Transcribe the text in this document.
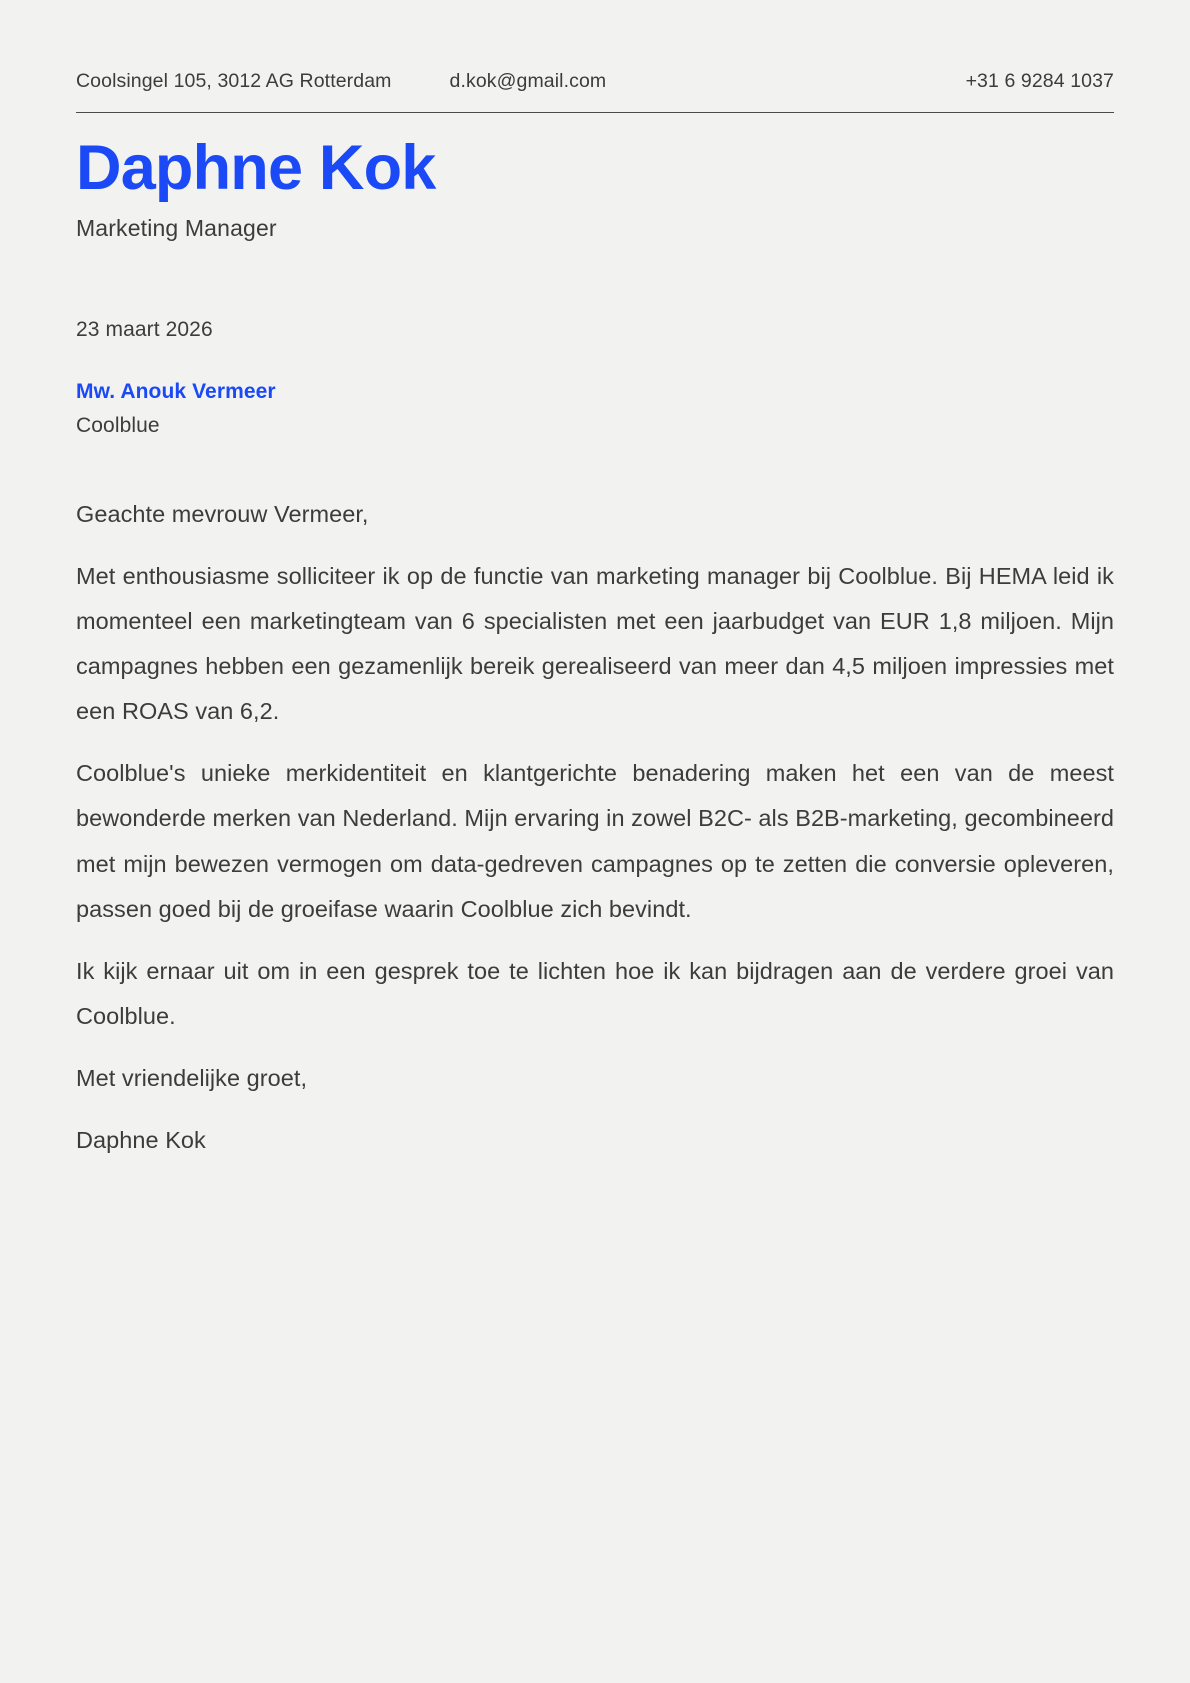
Coolsingel 105, 3012 AG Rotterdam	d.kok@gmail.com	+31 6 9284 1037
Daphne Kok

Marketing Manager

23 maart 2026

Mw. Anouk Vermeer

Coolblue

Geachte mevrouw Vermeer,

Met enthousiasme solliciteer ik op de functie van marketing manager bij Coolblue. Bij HEMA leid ik momenteel een marketingteam van 6 specialisten met een jaarbudget van EUR 1,8 miljoen. Mijn campagnes hebben een gezamenlijk bereik gerealiseerd van meer dan 4,5 miljoen impressies met een ROAS van 6,2.

Coolblue's unieke merkidentiteit en klantgerichte benadering maken het een van de meest bewonderde merken van Nederland. Mijn ervaring in zowel B2C- als B2B-marketing, gecombineerd met mijn bewezen vermogen om data-gedreven campagnes op te zetten die conversie opleveren, passen goed bij de groeifase waarin Coolblue zich bevindt.

Ik kijk ernaar uit om in een gesprek toe te lichten hoe ik kan bijdragen aan de verdere groei van Coolblue.

Met vriendelijke groet,

Daphne Kok
